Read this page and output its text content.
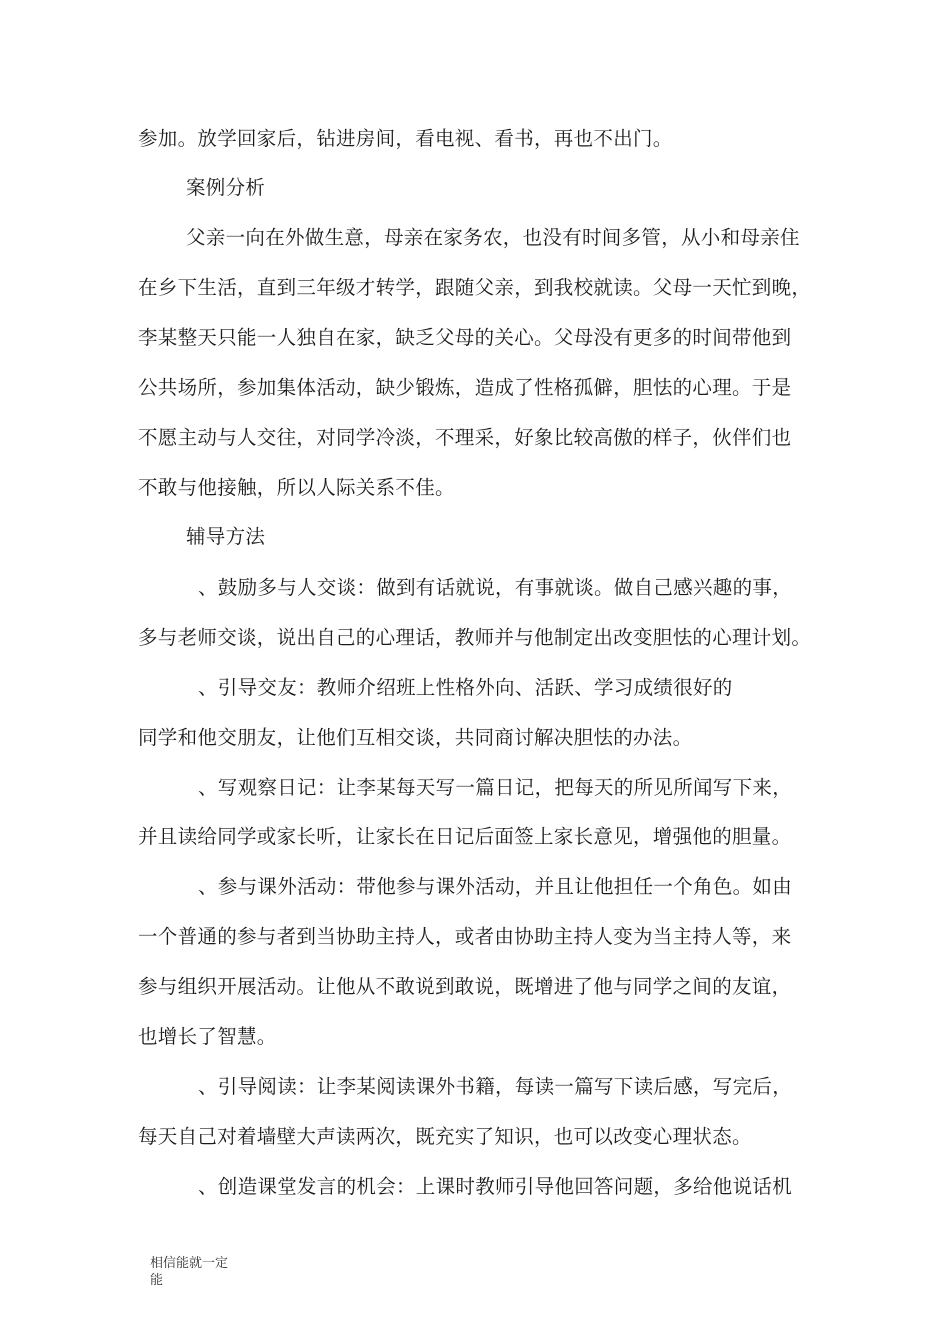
参加。放学回家后，钻进房间，看电视、看书，再也不出门。
案例分析
父亲一向在外做生意，母亲在家务农，也没有时间多管，从小和母亲住
在乡下生活，直到三年级才转学，跟随父亲，到我校就读。父母一天忙到晚，
李某整天只能一人独自在家，缺乏父母的关心。父母没有更多的时间带他到
公共场所，参加集体活动，缺少锻炼，造成了性格孤僻，胆怯的心理。于是
不愿主动与人交往，对同学冷淡，不理采，好象比较高傲的样子，伙伴们也
不敢与他接触，所以人际关系不佳。
辅导方法
、鼓励多与人交谈：做到有话就说，有事就谈。做自己感兴趣的事，
多与老师交谈，说出自己的心理话，教师并与他制定出改变胆怯的心理计划。
、引导交友：教师介绍班上性格外向、活跃、学习成绩很好的
同学和他交朋友，让他们互相交谈，共同商讨解决胆怯的办法。
、写观察日记：让李某每天写一篇日记，把每天的所见所闻写下来，
并且读给同学或家长听，让家长在日记后面签上家长意见，增强他的胆量。
、参与课外活动：带他参与课外活动，并且让他担任一个角色。如由
一个普通的参与者到当协助主持人，或者由协助主持人变为当主持人等，来
参与组织开展活动。让他从不敢说到敢说，既增进了他与同学之间的友谊，
也增长了智慧。
、引导阅读：让李某阅读课外书籍，每读一篇写下读后感，写完后，
每天自己对着墙壁大声读两次，既充实了知识，也可以改变心理状态。
、创造课堂发言的机会：上课时教师引导他回答问题，多给他说话机
相信能就一定
能
